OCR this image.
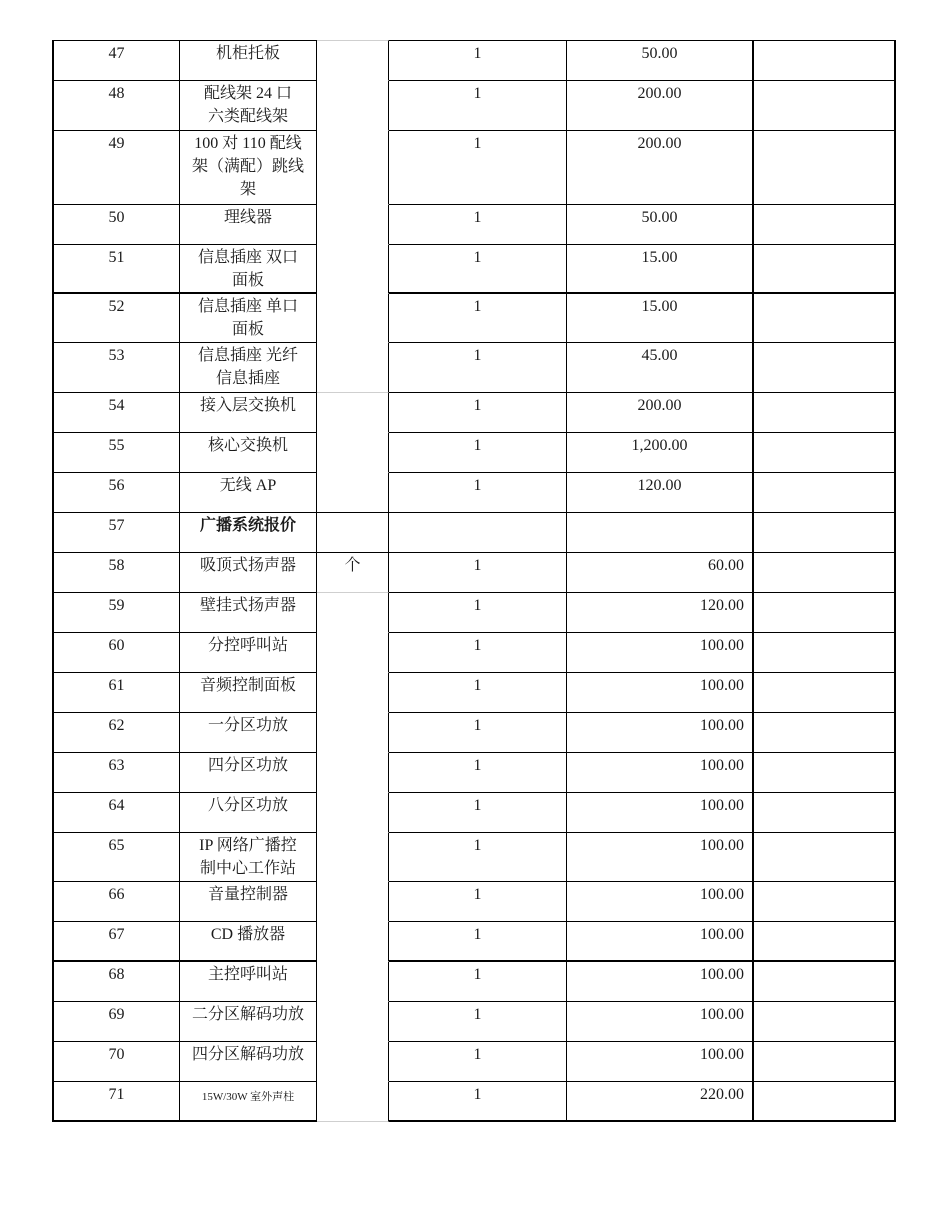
47	机柜托板		1	50.00	
48	配线架 24 口
六类配线架		1	200.00	
49	100 对 110 配线
架（满配）跳线
架		1	200.00	
50	理线器		1	50.00	
51	信息插座 双口
面板		1	15.00	
52	信息插座 单口
面板		1	15.00	
53	信息插座 光纤
信息插座		1	45.00	
54	接入层交换机		1	200.00	
55	核心交换机		1	1,200.00	
56	无线 AP		1	120.00	
57	广播系统报价				
58	吸顶式扬声器	个	1	60.00	
59	壁挂式扬声器		1	120.00	
60	分控呼叫站		1	100.00	
61	音频控制面板		1	100.00	
62	一分区功放		1	100.00	
63	四分区功放		1	100.00	
64	八分区功放		1	100.00	
65	IP 网络广播控
制中心工作站		1	100.00	
66	音量控制器		1	100.00	
67	CD 播放器		1	100.00	
68	主控呼叫站		1	100.00	
69	二分区解码功放		1	100.00	
70	四分区解码功放		1	100.00	
71	15W/30W 室外声柱		1	220.00	
